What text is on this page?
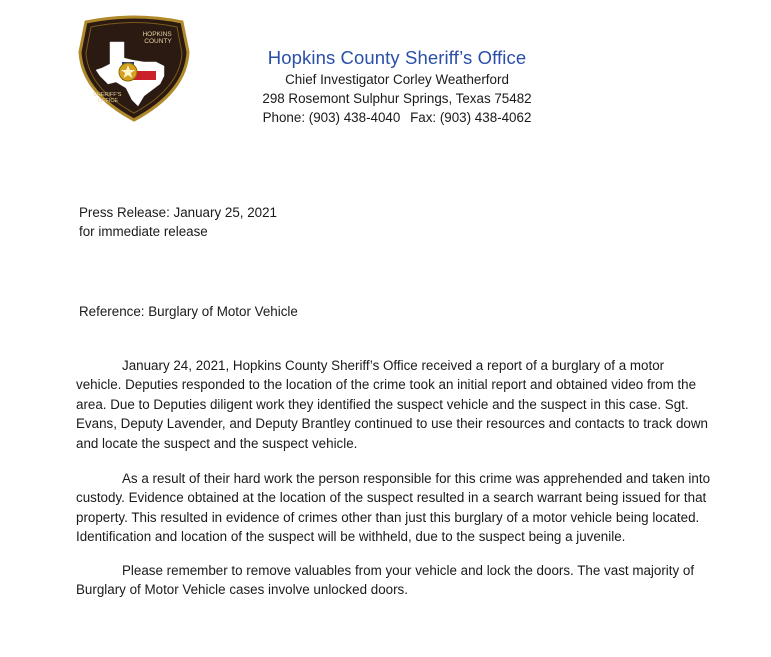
HOPKINS COUNTY
SHERIFF'S OFFICE

Hopkins County Sheriff’s Office

Chief Investigator Corley Weatherford

298 Rosemont Sulphur Springs, Texas 75482

Phone: (903) 438-4040 Fax: (903) 438-4062

Press Release: January 25, 2021
for immediate release
Reference: Burglary of Motor Vehicle

January 24, 2021, Hopkins County Sheriff’s Office received a report of a burglary of a motor vehicle. Deputies responded to the location of the crime took an initial report and obtained video from the area. Due to Deputies diligent work they identified the suspect vehicle and the suspect in this case. Sgt. Evans, Deputy Lavender, and Deputy Brantley continued to use their resources and contacts to track down and locate the suspect and the suspect vehicle.

As a result of their hard work the person responsible for this crime was apprehended and taken into custody. Evidence obtained at the location of the suspect resulted in a search warrant being issued for that property. This resulted in evidence of crimes other than just this burglary of a motor vehicle being located. Identification and location of the suspect will be withheld, due to the suspect being a juvenile.

Please remember to remove valuables from your vehicle and lock the doors. The vast majority of Burglary of Motor Vehicle cases involve unlocked doors.
